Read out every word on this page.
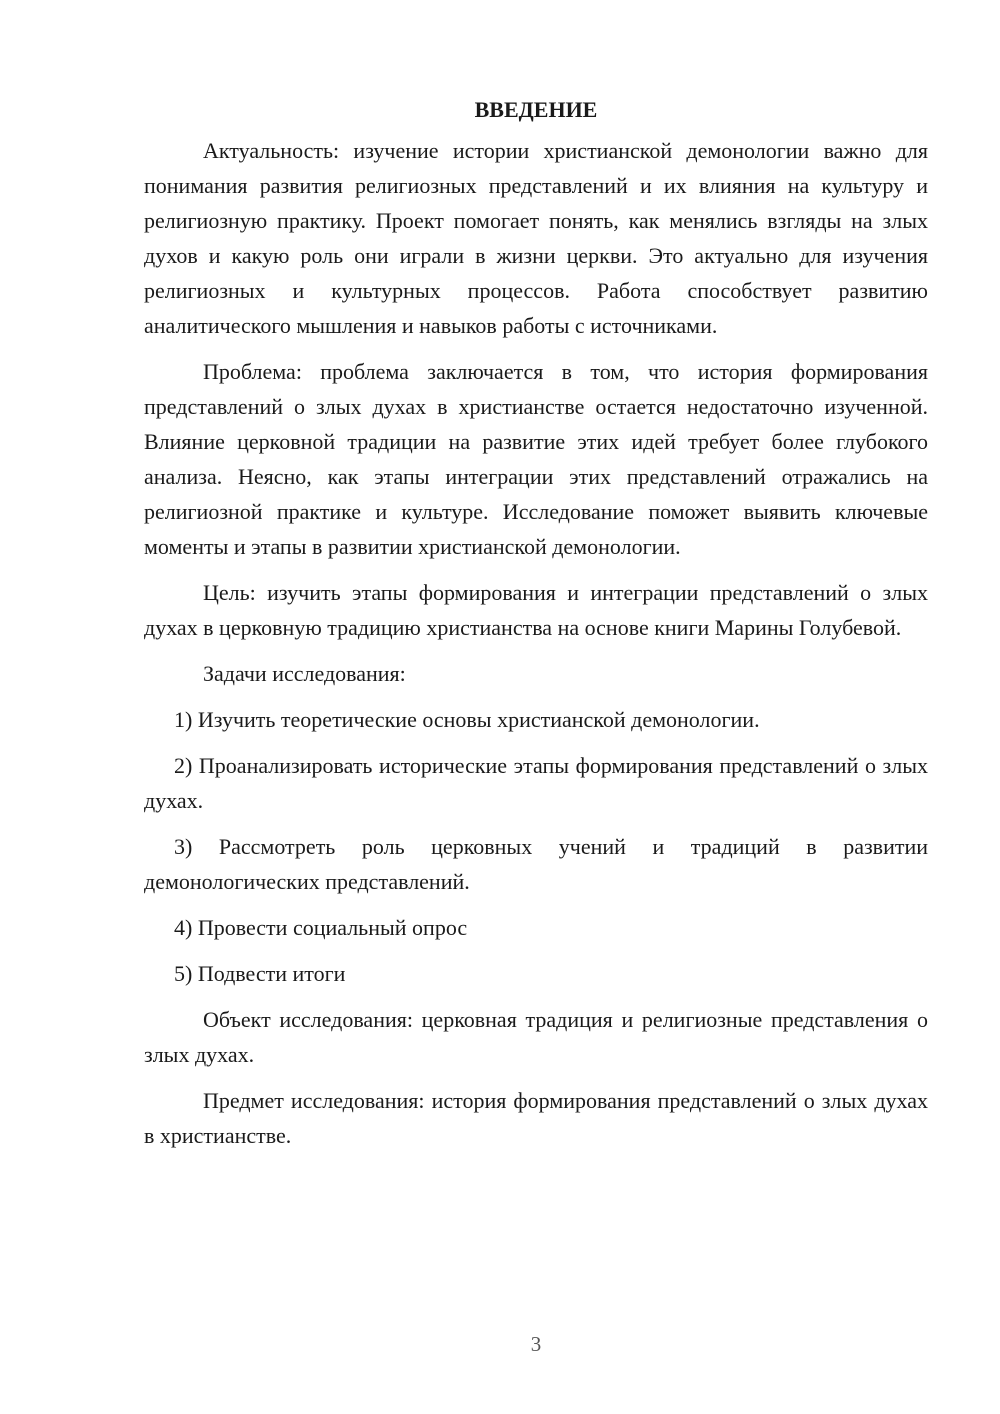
ВВЕДЕНИЕ

Актуальность: изучение истории христианской демонологии важно для понимания развития религиозных представлений и их влияния на культуру и религиозную практику. Проект помогает понять, как менялись взгляды на злых духов и какую роль они играли в жизни церкви. Это актуально для изучения религиозных и культурных процессов. Работа способствует развитию аналитического мышления и навыков работы с источниками.

Проблема: проблема заключается в том, что история формирования представлений о злых духах в христианстве остается недостаточно изученной. Влияние церковной традиции на развитие этих идей требует более глубокого анализа. Неясно, как этапы интеграции этих представлений отражались на религиозной практике и культуре. Исследование поможет выявить ключевые моменты и этапы в развитии христианской демонологии.

Цель: изучить этапы формирования и интеграции представлений о злых духах в церковную традицию христианства на основе книги Марины Голубевой.

Задачи исследования:

1) Изучить теоретические основы христианской демонологии.

2) Проанализировать исторические этапы формирования представлений о злых духах.

3) Рассмотреть роль церковных учений и традиций в развитии демонологических представлений.

4) Провести социальный опрос

5) Подвести итоги

Объект исследования: церковная традиция и религиозные представления о злых духах.

Предмет исследования: история формирования представлений о злых духах в христианстве.

3
